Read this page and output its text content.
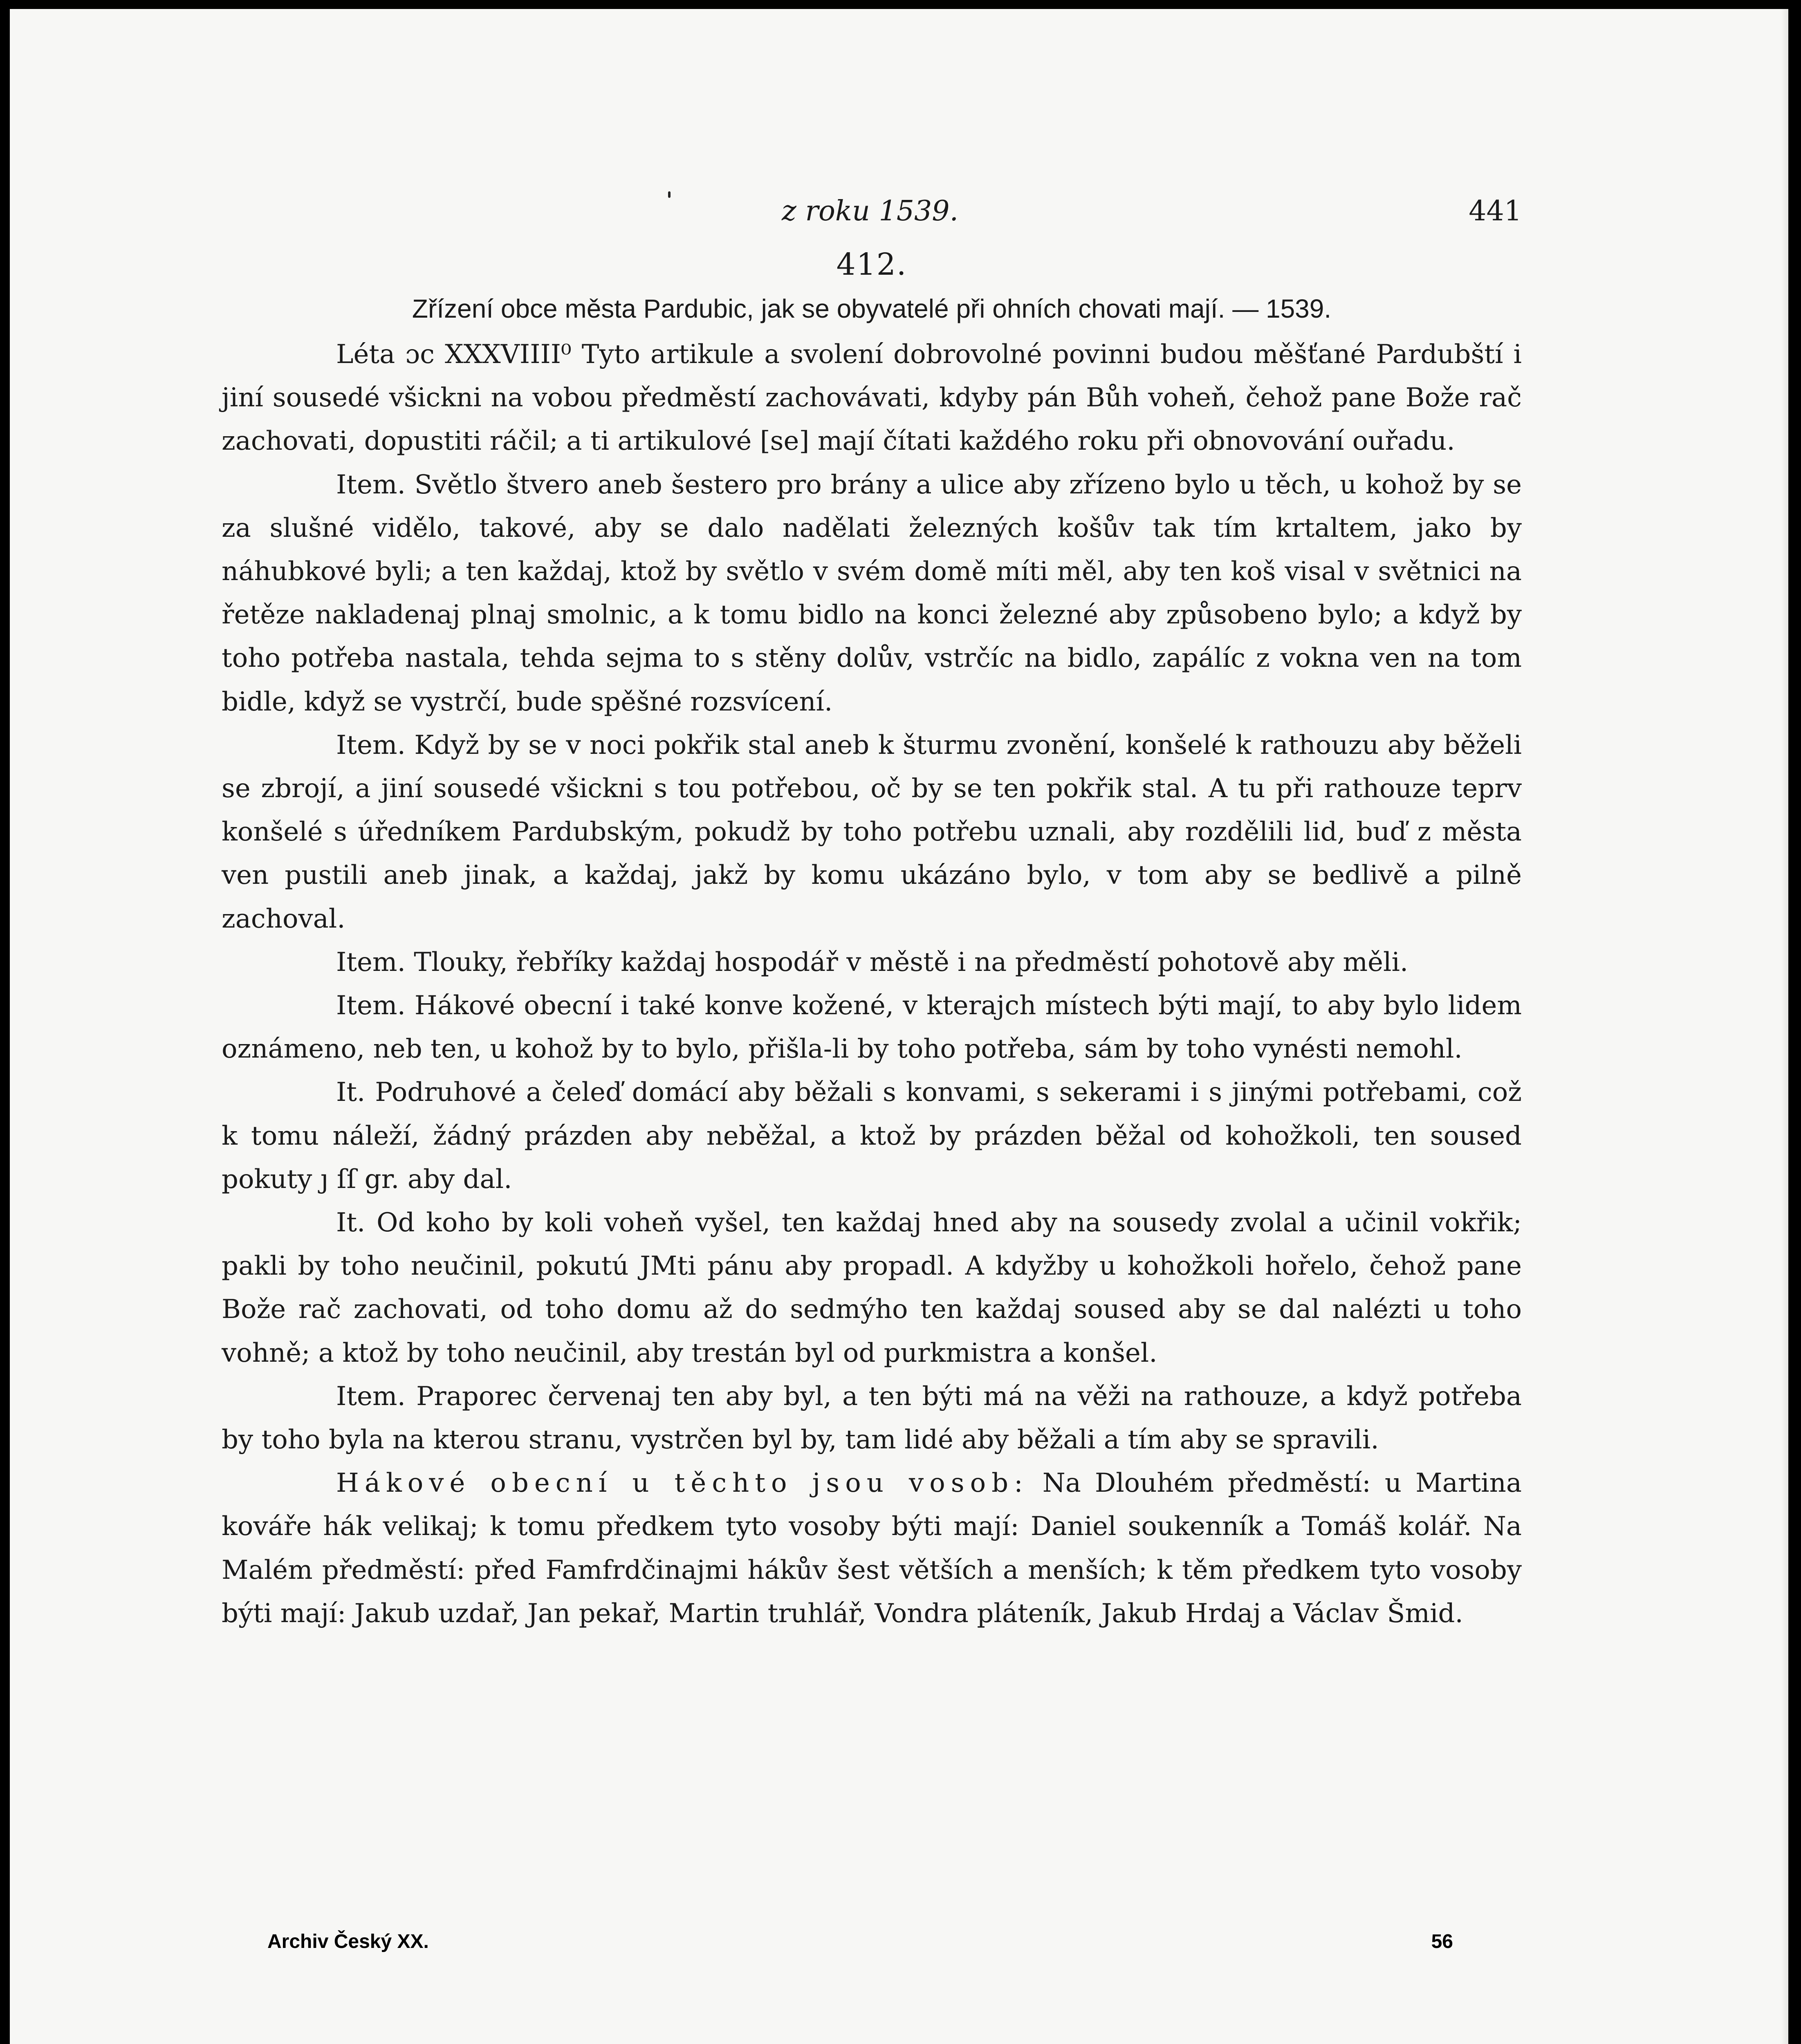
z roku 1539.	441
412.
Zřízení obce města Pardubic, jak se obyvatelé při ohních chovati mají. — 1539.

Léta ɔc XXXVIIII⁰ Tyto artikule a svolení dobrovolné povinni budou měšťané Pardubští i jiní sousedé všicknі na vobou předměstí zachovávati, kdyby pán Bůh voheň, čehož pane Bože rač zachovati, dopustiti ráčil; a ti artikulové [se] mají čítati každého roku při obnovování ouřadu.

Item. Světlo štvero aneb šestero pro brány a ulice aby zřízeno bylo u těch, u kohož by se za slušné vidělo, takové, aby se dalo nadělati železných košův tak tím krtaltem, jako by náhubkové byli; a ten každaj, ktož by světlo v svém domě míti měl, aby ten koš visal v světnici na řetěze nakladenaj plnaj smolnic, a k tomu bidlo na konci železné aby způsobeno bylo; a když by toho potřeba nastala, tehda sejma to s stěny dolův, vstrčíc na bidlo, zapálíc z vokna ven na tom bidle, když se vystrčí, bude spěšné rozsvícení.

Item. Když by se v noci pokřik stal aneb k šturmu zvonění, konšelé k rathouzu aby běželi se zbrojí, a jiní sousedé všickni s tou potřebou, oč by se ten pokřik stal. A tu při rathouze teprv konšelé s úředníkem Pardubským, pokudž by toho potřebu uznali, aby rozdělili lid, buď z města ven pustili aneb jinak, a každaj, jakž by komu ukázáno bylo, v tom aby se bedlivě a pilně zachoval.

Item. Tlouky, řebříky každaj hospodář v městě i na předměstí pohotově aby měli.

Item. Hákové obecní i také konve kožené, v kterajch místech býti mají, to aby bylo lidem oznámeno, neb ten, u kohož by to bylo, přišla-li by toho potřeba, sám by toho vynésti nemohl.

It. Podruhové a čeleď domácí aby běžali s konvami, s sekerami i s jinými potřebami, což k tomu náleží, žádný prázden aby neběžal, a ktož by prázden běžal od kohožkoli, ten soused pokuty ȷ ſſ gr. aby dal.

It. Od koho by koli voheň vyšel, ten každaj hned aby na sousedy zvolal a učinil vokřik; pakli by toho neučinil, pokutú JMti pánu aby propadl. A kdyžby u kohožkoli hořelo, čehož pane Bože rač zachovati, od toho domu až do sedmýho ten každaj soused aby se dal nalézti u toho vohně; a ktož by toho neučinil, aby trestán byl od purkmistra a konšel.

Item. Praporec červenaj ten aby byl, a ten býti má na věži na rathouze, a když potřeba by toho byla na kterou stranu, vystrčen byl by, tam lidé aby běžali a tím aby se spravili.

Hákové obecní u těchto jsou vosob: Na Dlouhém předměstí: u Martina kováře hák velikaj; k tomu předkem tyto vosoby býti mají: Daniel soukenník a Tomáš kolář. Na Malém předměstí: před Famfrdčinajmi hákův šest větších a menších; k těm předkem tyto vosoby býti mají: Jakub uzdař, Jan pekař, Martin truhlář, Vondra pláteník, Jakub Hrdaj a Václav Šmid.

Archiv Český XX.	56
